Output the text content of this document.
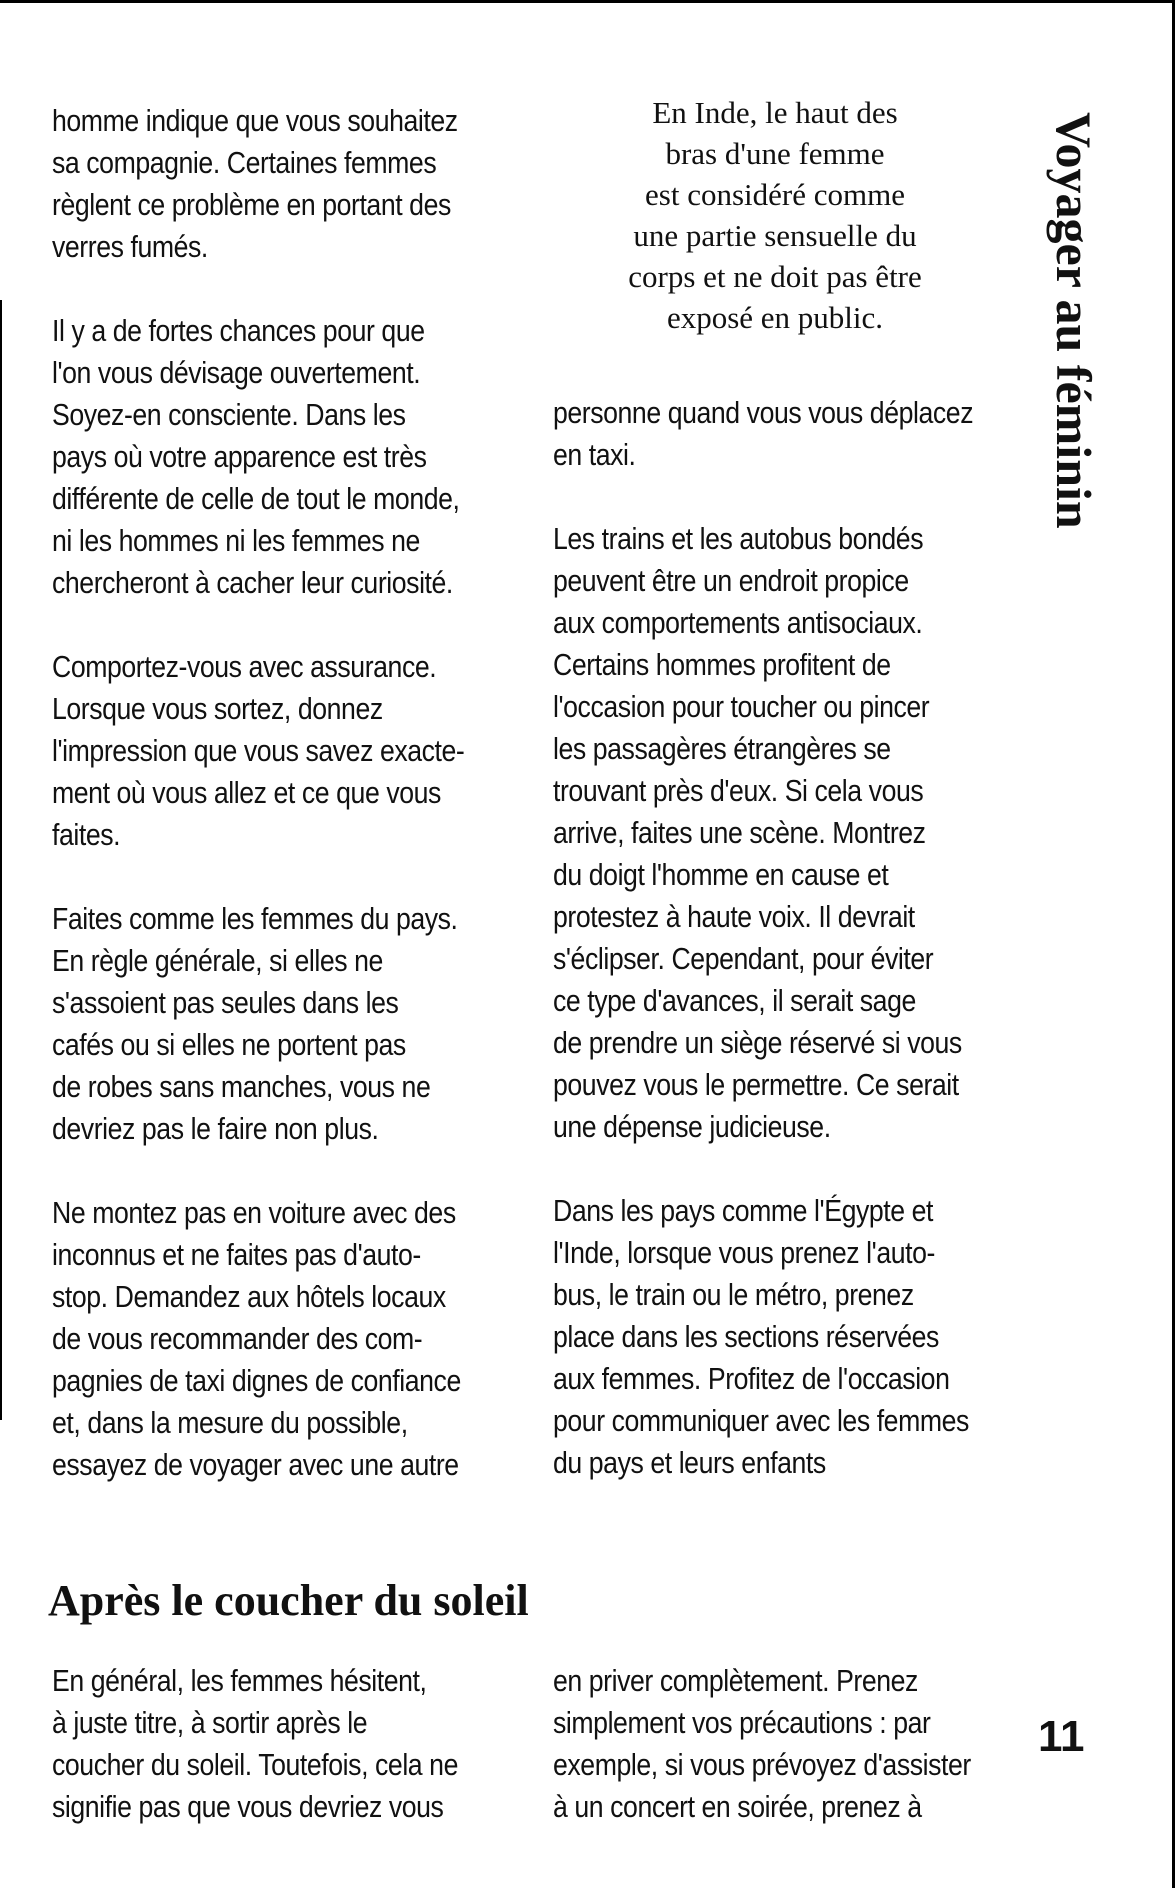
homme indique que vous souhaitez
sa compagnie. Certaines femmes
règlent ce problème en portant des
verres fumés.

Il y a de fortes chances pour que
l'on vous dévisage ouvertement.
Soyez-en consciente. Dans les
pays où votre apparence est très
différente de celle de tout le monde,
ni les hommes ni les femmes ne
chercheront à cacher leur curiosité.

Comportez-vous avec assurance.
Lorsque vous sortez, donnez
l'impression que vous savez exacte-
ment où vous allez et ce que vous
faites.

Faites comme les femmes du pays.
En règle générale, si elles ne
s'assoient pas seules dans les
cafés ou si elles ne portent pas
de robes sans manches, vous ne
devriez pas le faire non plus.

Ne montez pas en voiture avec des
inconnus et ne faites pas d'auto-
stop. Demandez aux hôtels locaux
de vous recommander des com-
pagnies de taxi dignes de confiance
et, dans la mesure du possible,
essayez de voyager avec une autre

En Inde, le haut des
bras d'une femme
est considéré comme
une partie sensuelle du
corps et ne doit pas être
exposé en public.

personne quand vous vous déplacez
en taxi.

Les trains et les autobus bondés
peuvent être un endroit propice
aux comportements antisociaux.
Certains hommes profitent de
l'occasion pour toucher ou pincer
les passagères étrangères se
trouvant près d'eux. Si cela vous
arrive, faites une scène. Montrez
du doigt l'homme en cause et
protestez à haute voix. Il devrait
s'éclipser. Cependant, pour éviter
ce type d'avances, il serait sage
de prendre un siège réservé si vous
pouvez vous le permettre. Ce serait
une dépense judicieuse.

Dans les pays comme l'Égypte et
l'Inde, lorsque vous prenez l'auto-
bus, le train ou le métro, prenez
place dans les sections réservées
aux femmes. Profitez de l'occasion
pour communiquer avec les femmes
du pays et leurs enfants

Voyager au féminin
Après le coucher du soleil

En général, les femmes hésitent,
à juste titre, à sortir après le
coucher du soleil. Toutefois, cela ne
signifie pas que vous devriez vous

en priver complètement. Prenez
simplement vos précautions : par
exemple, si vous prévoyez d'assister
à un concert en soirée, prenez à

11
